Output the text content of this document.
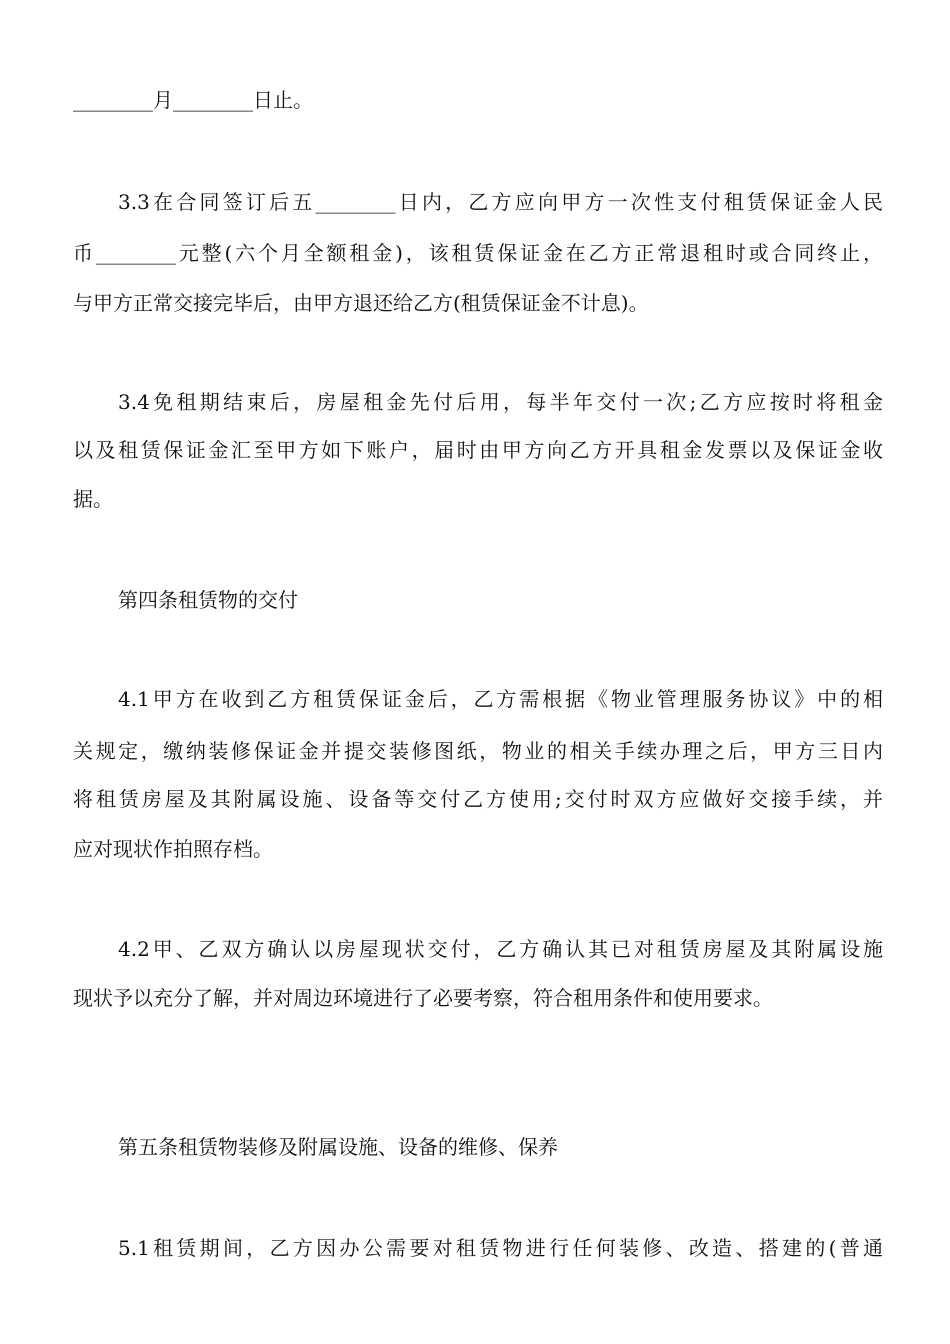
________月________日止。
3.3在合同签订后五________日内，乙方应向甲方一次性支付租赁保证金人民
币________元整(六个月全额租金)，该租赁保证金在乙方正常退租时或合同终止，
与甲方正常交接完毕后，由甲方退还给乙方(租赁保证金不计息)。
3.4免租期结束后，房屋租金先付后用，每半年交付一次;乙方应按时将租金
以及租赁保证金汇至甲方如下账户，届时由甲方向乙方开具租金发票以及保证金收
据。
第四条租赁物的交付
4.1甲方在收到乙方租赁保证金后，乙方需根据《物业管理服务协议》中的相
关规定，缴纳装修保证金并提交装修图纸，物业的相关手续办理之后，甲方三日内
将租赁房屋及其附属设施、设备等交付乙方使用;交付时双方应做好交接手续，并
应对现状作拍照存档。
4.2甲、乙双方确认以房屋现状交付，乙方确认其已对租赁房屋及其附属设施
现状予以充分了解，并对周边环境进行了必要考察，符合租用条件和使用要求。
第五条租赁物装修及附属设施、设备的维修、保养
5.1租赁期间，乙方因办公需要对租赁物进行任何装修、改造、搭建的(普通
